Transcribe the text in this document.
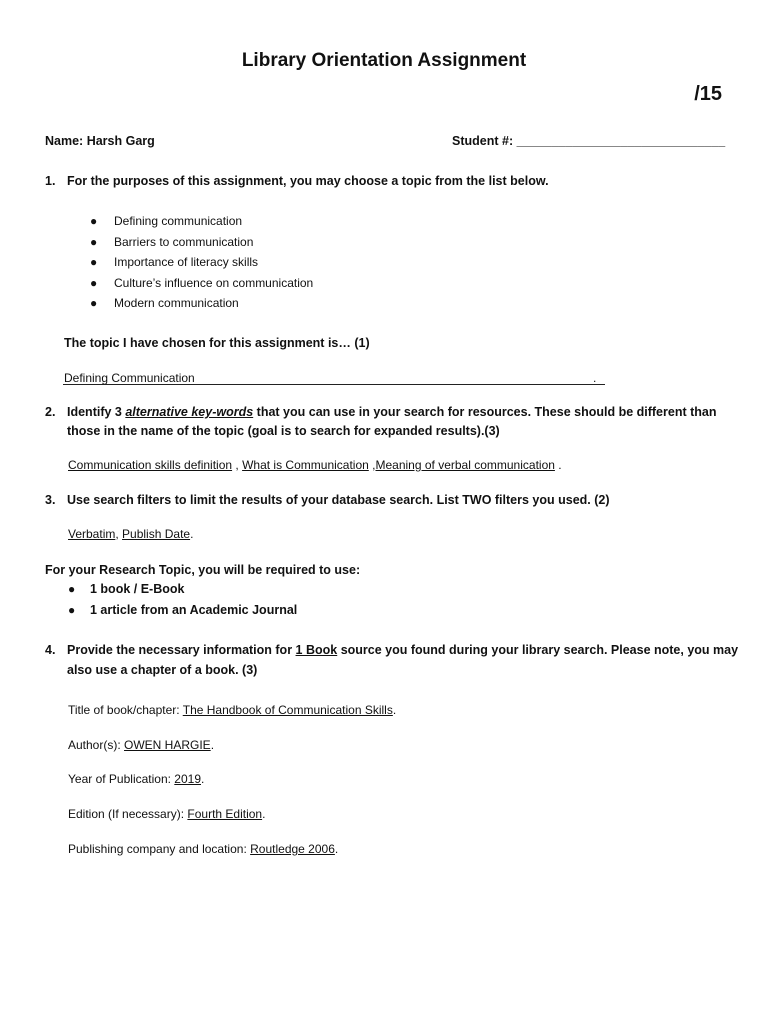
Library Orientation Assignment
/15
Name: Harsh Garg	Student #: ______________________________
1. For the purposes of this assignment, you may choose a topic from the list below.
● Defining communication
● Barriers to communication
● Importance of literacy skills
● Culture’s influence on communication
● Modern communication
The topic I have chosen for this assignment is… (1)
Defining Communication	.
2. Identify 3 alternative key-words that you can use in your search for resources. These should be different than
those in the name of the topic (goal is to search for expanded results).(3)
Communication skills definition , What is Communication ,Meaning of verbal communication .
3. Use search filters to limit the results of your database search. List TWO filters you used. (2)
Verbatim, Publish Date.
For your Research Topic, you will be required to use:
● 1 book / E-Book
● 1 article from an Academic Journal
4. Provide the necessary information for 1 Book source you found during your library search. Please note, you may
also use a chapter of a book. (3)
Title of book/chapter: The Handbook of Communication Skills.
Author(s): OWEN HARGIE.
Year of Publication: 2019.
Edition (If necessary): Fourth Edition.
Publishing company and location: Routledge 2006.
